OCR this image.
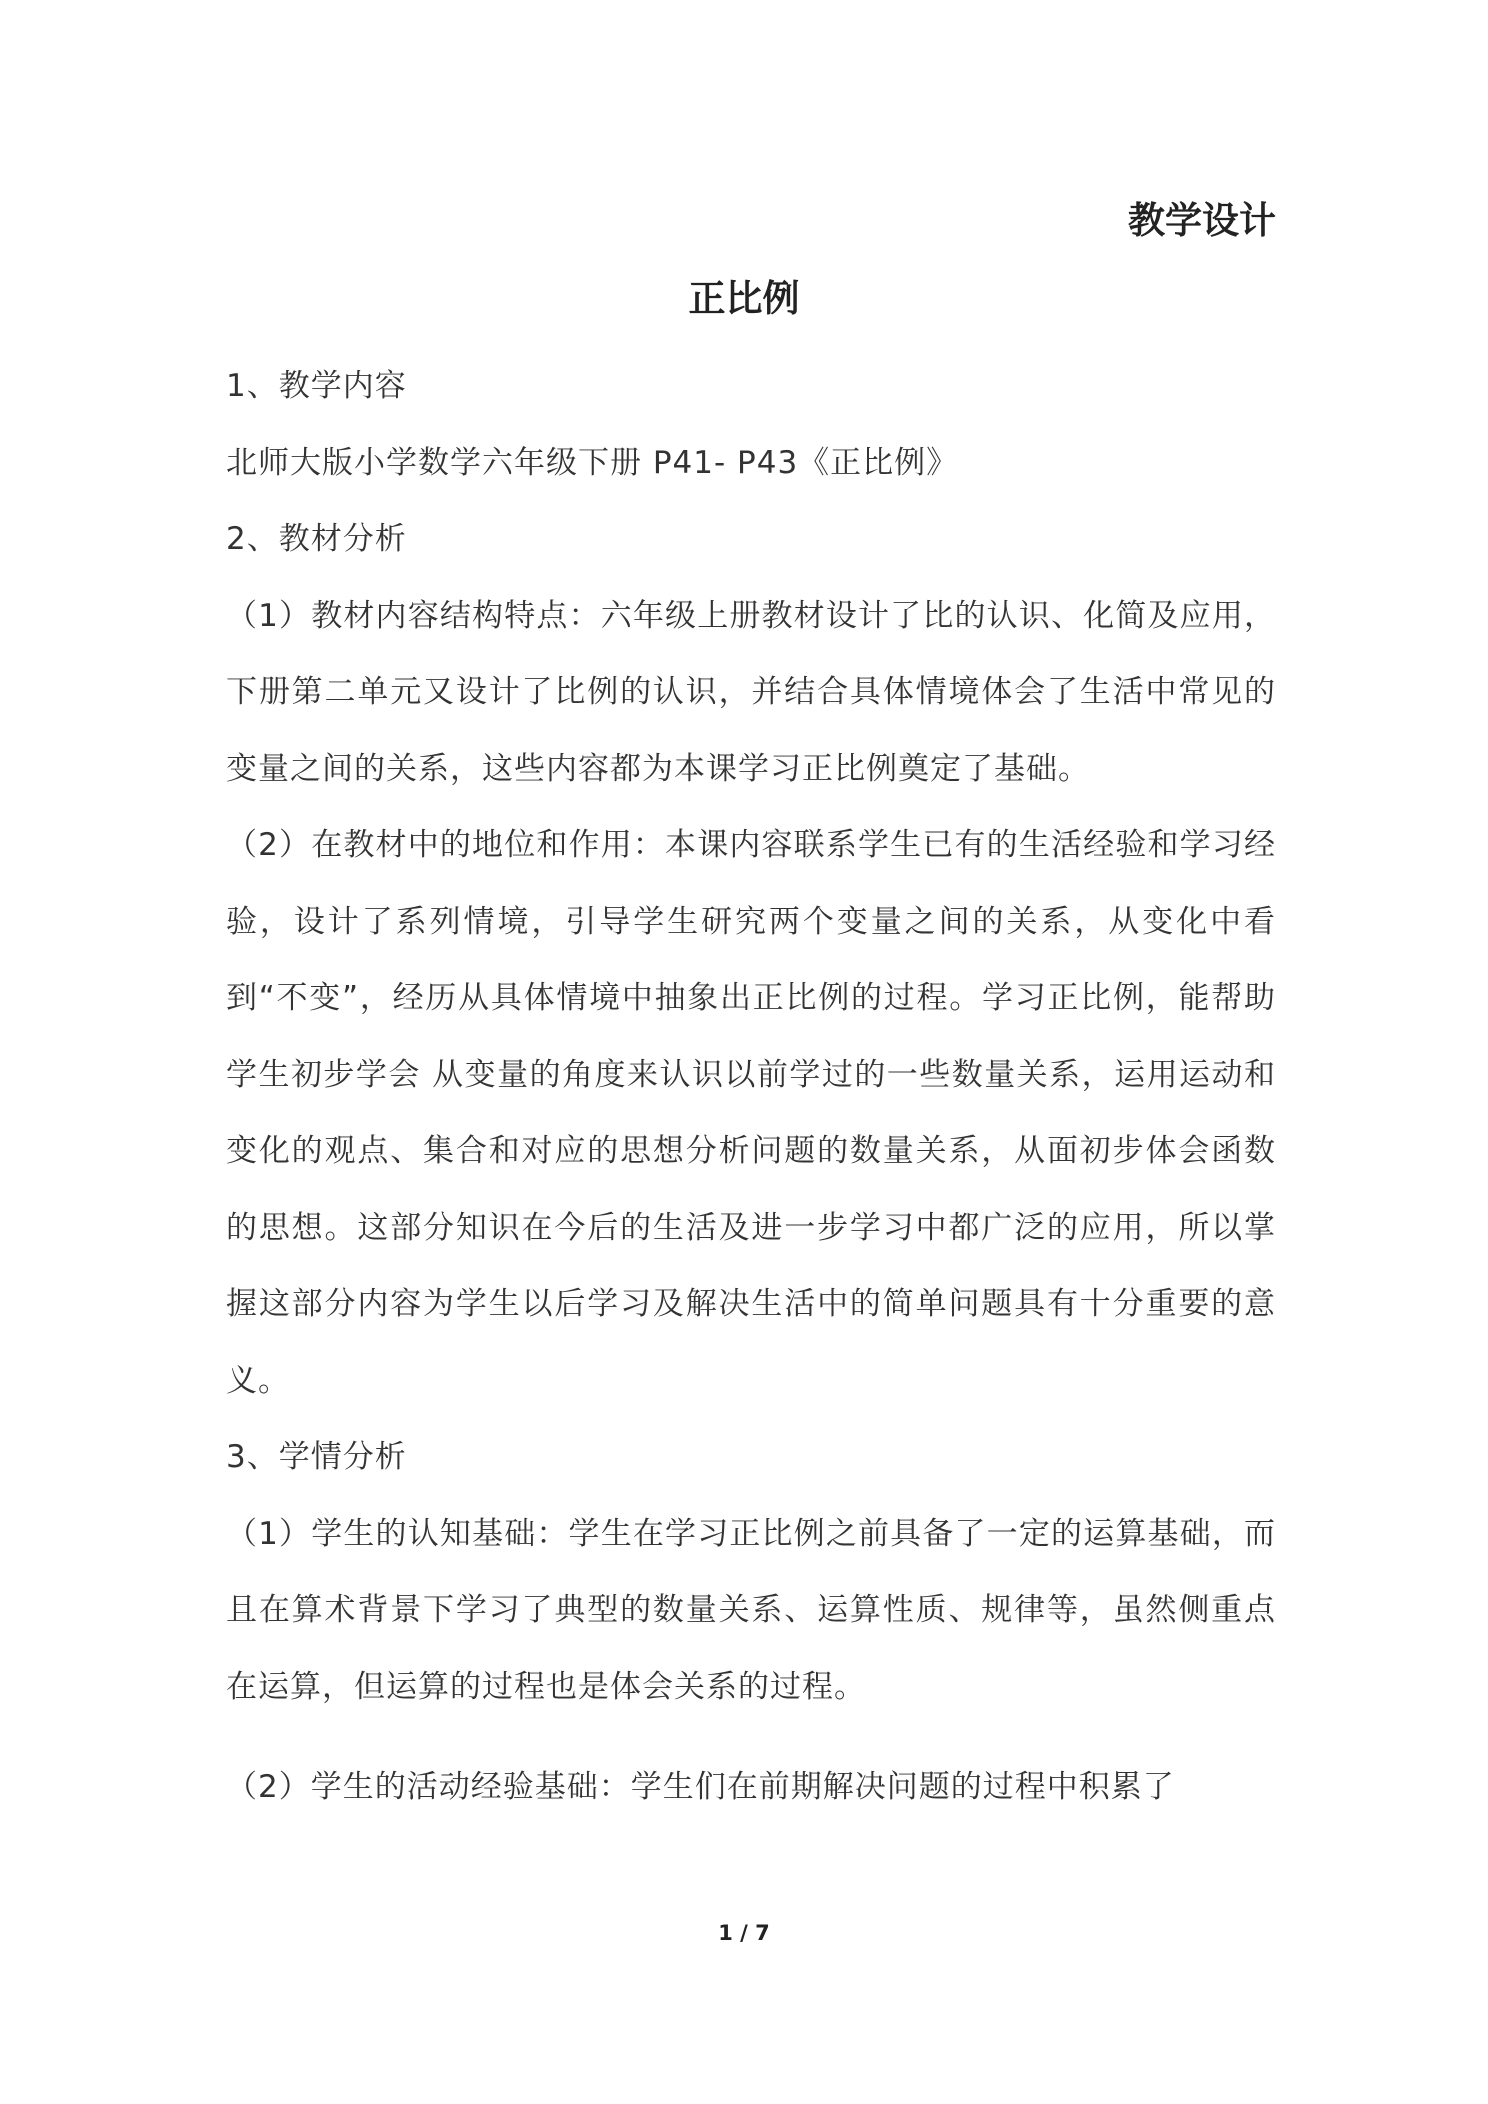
教学设计
正比例

1、教学内容

北师大版小学数学六年级下册 P41- P43《正比例》

2、教材分析

（1）教材内容结构特点：六年级上册教材设计了比的认识、化简及应用，下册第二单元又设计了比例的认识，并结合具体情境体会了生活中常见的变量之间的关系，这些内容都为本课学习正比例奠定了基础。

（2）在教材中的地位和作用：本课内容联系学生已有的生活经验和学习经验，设计了系列情境，引导学生研究两个变量之间的关系，从变化中看到“不变”，经历从具体情境中抽象出正比例的过程。学习正比例，能帮助学生初步学会 从变量的角度来认识以前学过的一些数量关系，运用运动和变化的观点、集合和对应的思想分析问题的数量关系，从面初步体会函数的思想。这部分知识在今后的生活及进一步学习中都广泛的应用，所以掌握这部分内容为学生以后学习及解决生活中的简单问题具有十分重要的意义。

3、学情分析

（1）学生的认知基础：学生在学习正比例之前具备了一定的运算基础，而且在算术背景下学习了典型的数量关系、运算性质、规律等，虽然侧重点在运算，但运算的过程也是体会关系的过程。

（2）学生的活动经验基础：学生们在前期解决问题的过程中积累了

1 / 7
